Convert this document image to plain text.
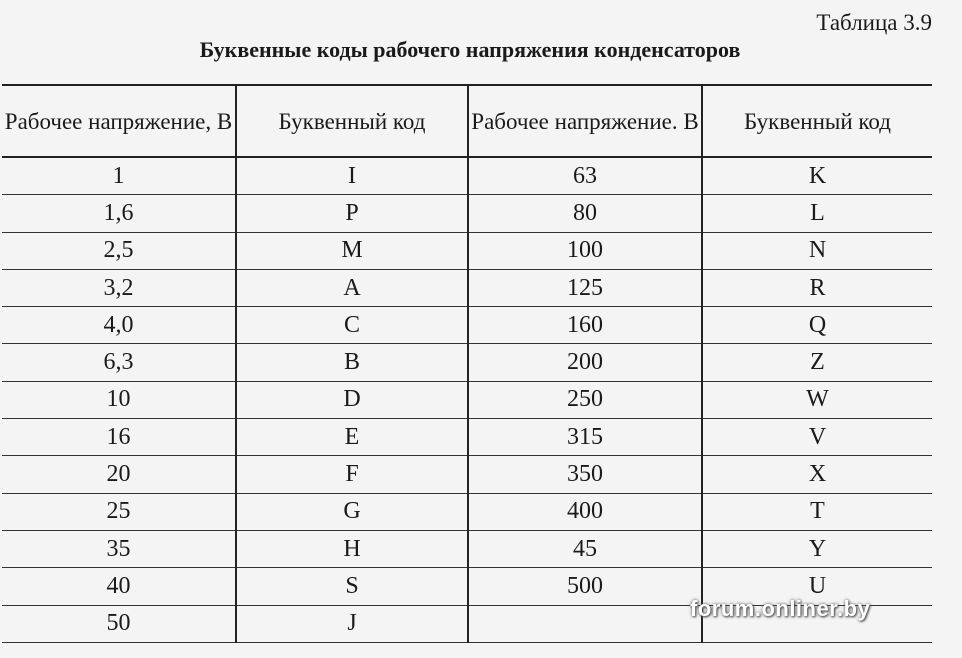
Таблица 3.9
Буквенные коды рабочего напряжения конденсаторов
Рабочее напряжение, В	Буквенный код	Рабочее напряжение. В	Буквенный код
1	I	63	K
1,6	P	80	L
2,5	M	100	N
3,2	A	125	R
4,0	C	160	Q
6,3	B	200	Z
10	D	250	W
16	E	315	V
20	F	350	X
25	G	400	T
35	H	45	Y
40	S	500	U
50	J		
forum.onliner.by
